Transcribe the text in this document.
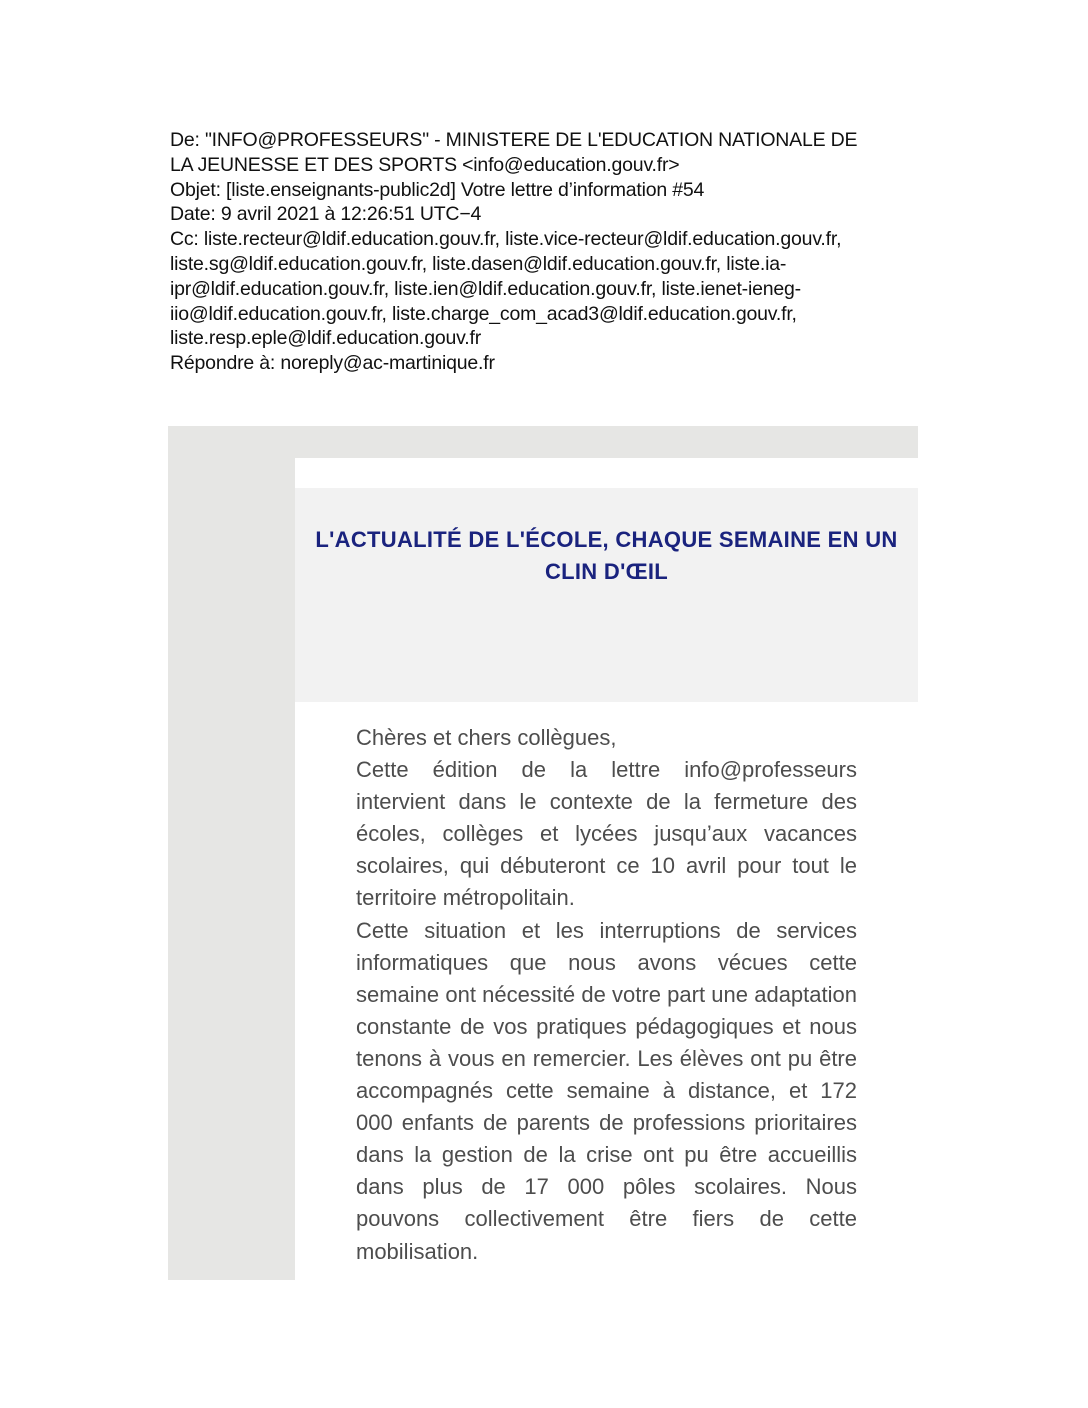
De: "INFO@PROFESSEURS" - MINISTERE DE L'EDUCATION NATIONALE DE
LA JEUNESSE ET DES SPORTS <info@education.gouv.fr>
Objet: [liste.enseignants-public2d] Votre lettre d’information #54
Date: 9 avril 2021 à 12:26:51 UTC−4
Cc: liste.recteur@ldif.education.gouv.fr, liste.vice-recteur@ldif.education.gouv.fr,
liste.sg@ldif.education.gouv.fr, liste.dasen@ldif.education.gouv.fr, liste.ia-
ipr@ldif.education.gouv.fr, liste.ien@ldif.education.gouv.fr, liste.ienet-ieneg-
iio@ldif.education.gouv.fr, liste.charge_com_acad3@ldif.education.gouv.fr,
liste.resp.eple@ldif.education.gouv.fr
Répondre à: noreply@ac-martinique.fr
L'ACTUALITÉ DE L'ÉCOLE, CHAQUE SEMAINE EN UN CLIN D'ŒIL

Chères et chers collègues,

Cette édition de la lettre info@professeurs intervient dans le contexte de la fermeture des écoles, collèges et lycées jusqu’aux vacances scolaires, qui débuteront ce 10 avril pour tout le territoire métropolitain.

Cette situation et les interruptions de services informatiques que nous avons vécues cette semaine ont nécessité de votre part une adaptation constante de vos pratiques pédagogiques et nous tenons à vous en remercier. Les élèves ont pu être accompagnés cette semaine à distance, et 172 000 enfants de parents de professions prioritaires dans la gestion de la crise ont pu être accueillis dans plus de 17 000 pôles scolaires. Nous pouvons collectivement être fiers de cette mobilisation.
